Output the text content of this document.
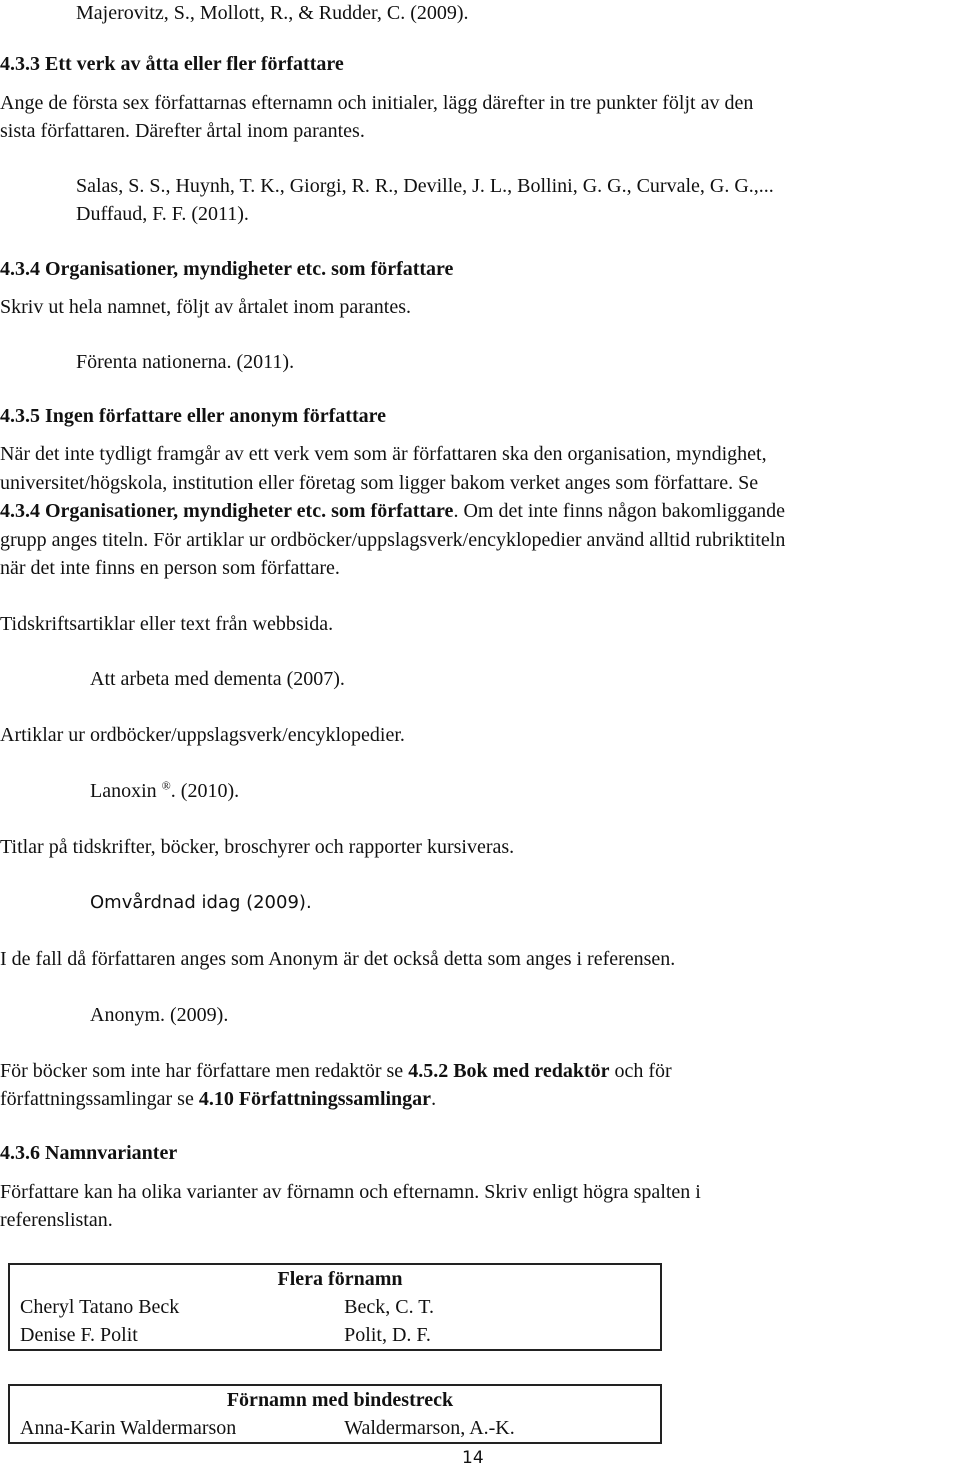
Majerovitz, S., Mollott, R., & Rudder, C. (2009).
4.3.3 Ett verk av åtta eller fler författare
Ange de första sex författarnas efternamn och initialer, lägg därefter in tre punkter följt av den
sista författaren. Därefter årtal inom parantes.
Salas, S. S., Huynh, T. K., Giorgi, R. R., Deville, J. L., Bollini, G. G., Curvale, G. G.,...
Duffaud, F. F. (2011).
4.3.4 Organisationer, myndigheter etc. som författare
Skriv ut hela namnet, följt av årtalet inom parantes.
Förenta nationerna. (2011).
4.3.5 Ingen författare eller anonym författare
När det inte tydligt framgår av ett verk vem som är författaren ska den organisation, myndighet,
universitet/högskola, institution eller företag som ligger bakom verket anges som författare. Se
4.3.4 Organisationer, myndigheter etc. som författare. Om det inte finns någon bakomliggande
grupp anges titeln. För artiklar ur ordböcker/uppslagsverk/encyklopedier använd alltid rubriktiteln
när det inte finns en person som författare.
Tidskriftsartiklar eller text från webbsida.
Att arbeta med dementa (2007).
Artiklar ur ordböcker/uppslagsverk/encyklopedier.
Lanoxin ®. (2010).
Titlar på tidskrifter, böcker, broschyrer och rapporter kursiveras.
Omvårdnad idag (2009).
I de fall då författaren anges som Anonym är det också detta som anges i referensen.
Anonym. (2009).
För böcker som inte har författare men redaktör se 4.5.2 Bok med redaktör och för
författningssamlingar se 4.10 Författningssamlingar.
4.3.6 Namnvarianter
Författare kan ha olika varianter av förnamn och efternamn. Skriv enligt högra spalten i
referenslistan.
Flera förnamn	
Cheryl Tatano Beck	Beck, C. T.
Denise F. Polit	Polit, D. F.
Förnamn med bindestreck
Anna-Karin Waldermarson	Waldermarson, A.-K.
14
